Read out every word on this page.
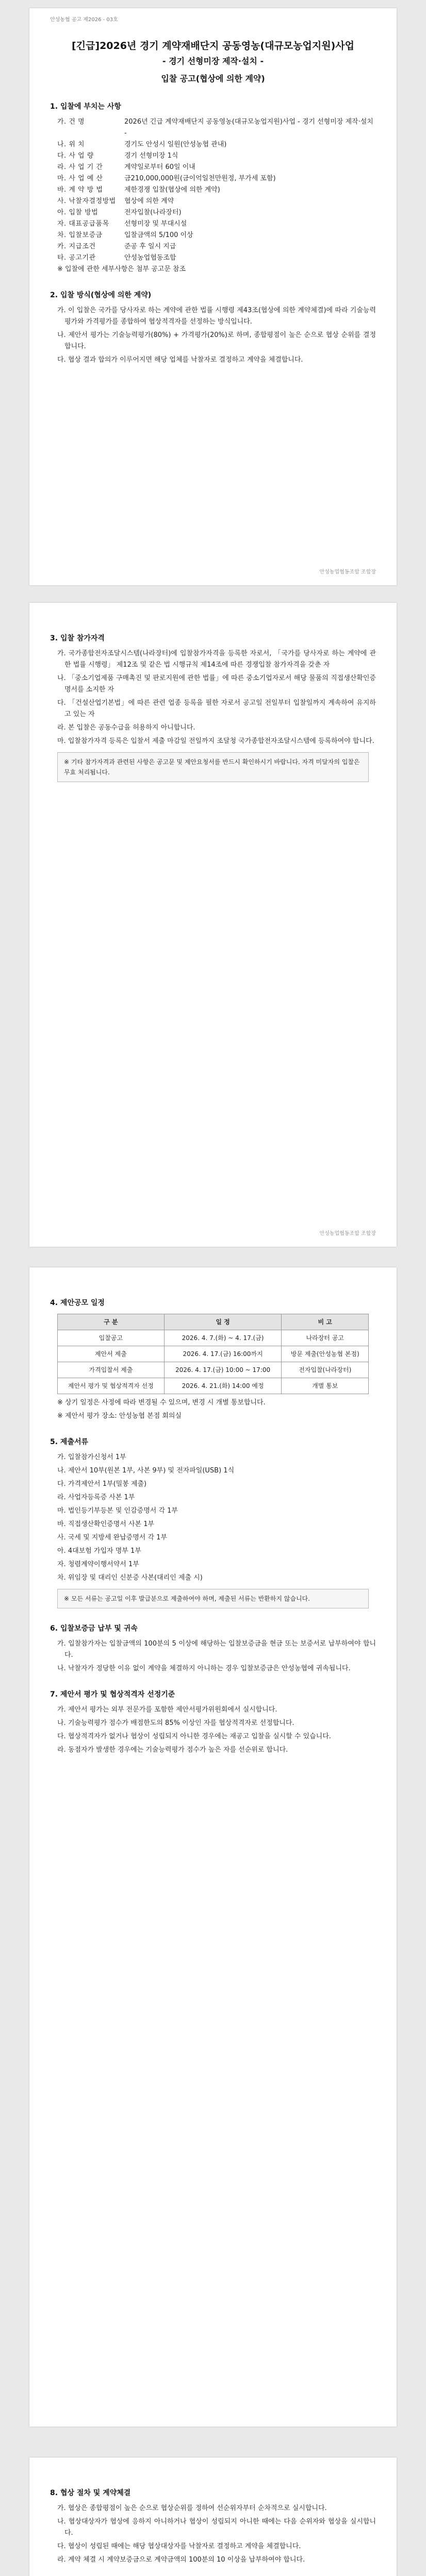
안성농협 공고 제2026 - 03호
[긴급]2026년 경기 계약재배단지 공동영농(대규모농업지원)사업
- 경기 선형미장 제작·설치 -
입찰 공고(협상에 의한 계약)
1. 입찰에 부치는 사항
가. 건 명	2026년 긴급 계약재배단지 공동영농(대규모농업지원)사업 - 경기 선형미장 제작·설치 -
나. 위 치	경기도 안성시 일원(안성농협 관내)
다. 사 업 량	경기 선형미장 1식
라. 사 업 기 간	계약일로부터 60일 이내
마. 사 업 예 산	금210,000,000원(금이억일천만원정, 부가세 포함)
바. 계 약 방 법	제한경쟁 입찰(협상에 의한 계약)
사. 낙찰자결정방법	협상에 의한 계약
아. 입찰 방법	전자입찰(나라장터)
자. 대표공급품목	선형미장 및 부대시설
차. 입찰보증금	입찰금액의 5/100 이상
카. 지급조건	준공 후 일시 지급
타. 공고기관	안성농업협동조합
※ 입찰에 관한 세부사항은 첨부 공고문 참조
2. 입찰 방식(협상에 의한 계약)
가. 이 입찰은 국가를 당사자로 하는 계약에 관한 법률 시행령 제43조(협상에 의한 계약체결)에 따라 기술능력 평가와 가격평가를 종합하여 협상적격자를 선정하는 방식입니다.
나. 제안서 평가는 기술능력평가(80%) + 가격평가(20%)로 하며, 종합평점이 높은 순으로 협상 순위를 결정합니다.
다. 협상 결과 합의가 이루어지면 해당 업체를 낙찰자로 결정하고 계약을 체결합니다.
안성농업협동조합 조합장
3. 입찰 참가자격
가. 국가종합전자조달시스템(나라장터)에 입찰참가자격을 등록한 자로서, 「국가를 당사자로 하는 계약에 관한 법률 시행령」 제12조 및 같은 법 시행규칙 제14조에 따른 경쟁입찰 참가자격을 갖춘 자
나. 「중소기업제품 구매촉진 및 판로지원에 관한 법률」에 따른 중소기업자로서 해당 물품의 직접생산확인증명서를 소지한 자
다. 「건설산업기본법」에 따른 관련 업종 등록을 필한 자로서 공고일 전일부터 입찰일까지 계속하여 유지하고 있는 자
라. 본 입찰은 공동수급을 허용하지 아니합니다.
마. 입찰참가자격 등록은 입찰서 제출 마감일 전일까지 조달청 국가종합전자조달시스템에 등록하여야 합니다.
※ 기타 참가자격과 관련된 사항은 공고문 및 제안요청서를 반드시 확인하시기 바랍니다. 자격 미달자의 입찰은 무효 처리됩니다.
안성농업협동조합 조합장
4. 제안공모 일정
구 분	일 정	비 고
입찰공고	2026. 4. 7.(화) ~ 4. 17.(금)	나라장터 공고
제안서 제출	2026. 4. 17.(금) 16:00까지	방문 제출(안성농협 본점)
가격입찰서 제출	2026. 4. 17.(금) 10:00 ~ 17:00	전자입찰(나라장터)
제안서 평가 및 협상적격자 선정	2026. 4. 21.(화) 14:00 예정	개별 통보
※ 상기 일정은 사정에 따라 변경될 수 있으며, 변경 시 개별 통보합니다.
※ 제안서 평가 장소: 안성농협 본점 회의실
5. 제출서류
가. 입찰참가신청서 1부
나. 제안서 10부(원본 1부, 사본 9부) 및 전자파일(USB) 1식
다. 가격제안서 1부(밀봉 제출)
라. 사업자등록증 사본 1부
마. 법인등기부등본 및 인감증명서 각 1부
바. 직접생산확인증명서 사본 1부
사. 국세 및 지방세 완납증명서 각 1부
아. 4대보험 가입자 명부 1부
자. 청렴계약이행서약서 1부
차. 위임장 및 대리인 신분증 사본(대리인 제출 시)
※ 모든 서류는 공고일 이후 발급분으로 제출하여야 하며, 제출된 서류는 반환하지 않습니다.
6. 입찰보증금 납부 및 귀속
가. 입찰참가자는 입찰금액의 100분의 5 이상에 해당하는 입찰보증금을 현금 또는 보증서로 납부하여야 합니다.
나. 낙찰자가 정당한 이유 없이 계약을 체결하지 아니하는 경우 입찰보증금은 안성농협에 귀속됩니다.
7. 제안서 평가 및 협상적격자 선정기준
가. 제안서 평가는 외부 전문가를 포함한 제안서평가위원회에서 실시합니다.
나. 기술능력평가 점수가 배점한도의 85% 이상인 자를 협상적격자로 선정합니다.
다. 협상적격자가 없거나 협상이 성립되지 아니한 경우에는 재공고 입찰을 실시할 수 있습니다.
라. 동점자가 발생한 경우에는 기술능력평가 점수가 높은 자를 선순위로 합니다.
8. 협상 절차 및 계약체결
가. 협상은 종합평점이 높은 순으로 협상순위를 정하여 선순위자부터 순차적으로 실시합니다.
나. 협상대상자가 협상에 응하지 아니하거나 협상이 성립되지 아니한 때에는 다음 순위자와 협상을 실시합니다.
다. 협상이 성립된 때에는 해당 협상대상자를 낙찰자로 결정하고 계약을 체결합니다.
라. 계약 체결 시 계약보증금으로 계약금액의 100분의 10 이상을 납부하여야 합니다.
